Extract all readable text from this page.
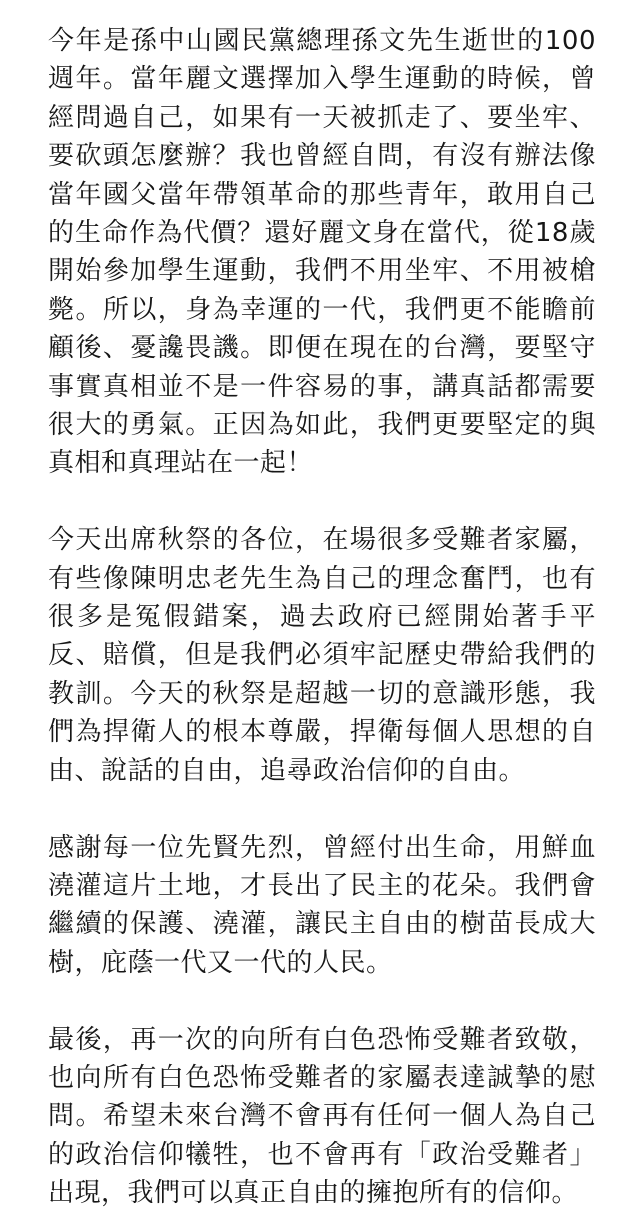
今年是孫中山國民黨總理孫文先生逝世的100週年。當年麗文選擇加入學生運動的時候，曾經問過自己，如果有一天被抓走了、要坐牢、要砍頭怎麼辦？我也曾經自問，有沒有辦法像當年國父當年帶領革命的那些青年，敢用自己的生命作為代價？還好麗文身在當代，從18歲開始參加學生運動，我們不用坐牢、不用被槍斃。所以，身為幸運的一代，我們更不能瞻前顧後、憂讒畏譏。即便在現在的台灣，要堅守事實真相並不是一件容易的事，講真話都需要很大的勇氣。正因為如此，我們更要堅定的與真相和真理站在一起！

今天出席秋祭的各位，在場很多受難者家屬，有些像陳明忠老先生為自己的理念奮鬥，也有很多是冤假錯案，過去政府已經開始著手平反、賠償，但是我們必須牢記歷史帶給我們的教訓。今天的秋祭是超越一切的意識形態，我們為捍衛人的根本尊嚴，捍衛每個人思想的自由、說話的自由，追尋政治信仰的自由。

感謝每一位先賢先烈，曾經付出生命，用鮮血澆灌這片土地，才長出了民主的花朵。我們會繼續的保護、澆灌，讓民主自由的樹苗長成大樹，庇蔭一代又一代的人民。

最後，再一次的向所有白色恐怖受難者致敬，也向所有白色恐怖受難者的家屬表達誠摯的慰問。希望未來台灣不會再有任何一個人為自己的政治信仰犧牲，也不會再有「政治受難者」出現，我們可以真正自由的擁抱所有的信仰。
